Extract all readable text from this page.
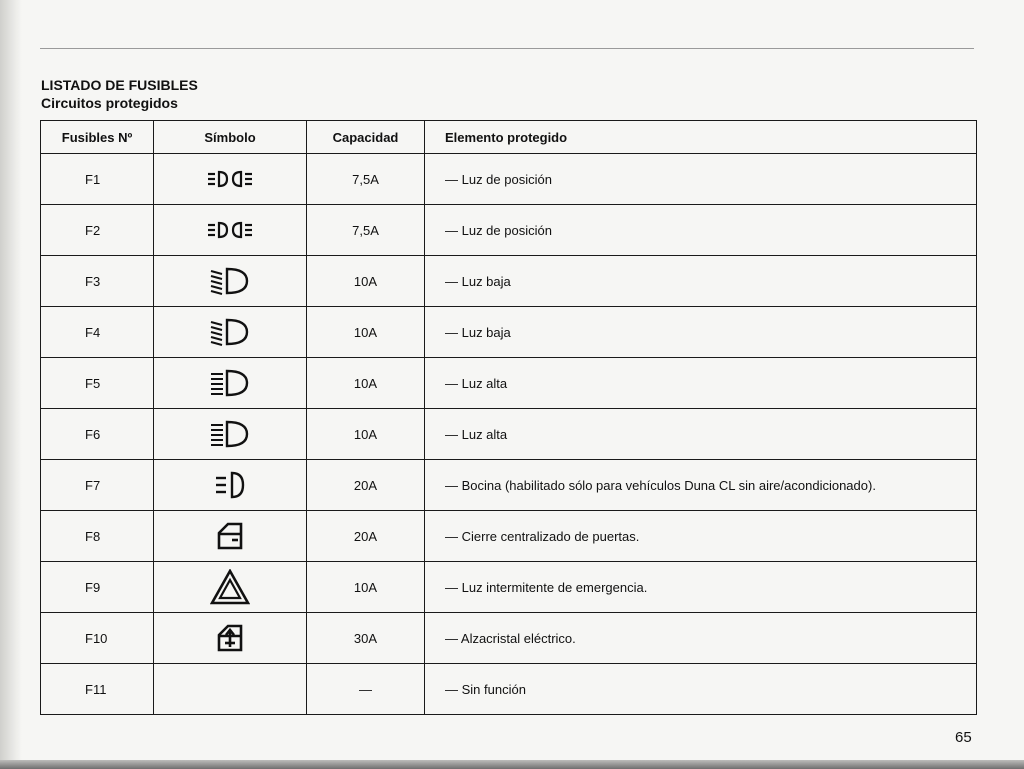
LISTADO DE FUSIBLES
Circuitos protegidos
Fusibles Nº	Símbolo	Capacidad	Elemento protegido
F1		7,5A	— Luz de posición
F2		7,5A	— Luz de posición
F3		10A	— Luz baja
F4		10A	— Luz baja
F5		10A	— Luz alta
F6		10A	— Luz alta
F7		20A	— Bocina (habilitado sólo para vehículos Duna CL sin aire/acondicionado).
F8		20A	— Cierre centralizado de puertas.
F9		10A	— Luz intermitente de emergencia.
F10		30A	— Alzacristal eléctrico.
F11		—	— Sin función
65
